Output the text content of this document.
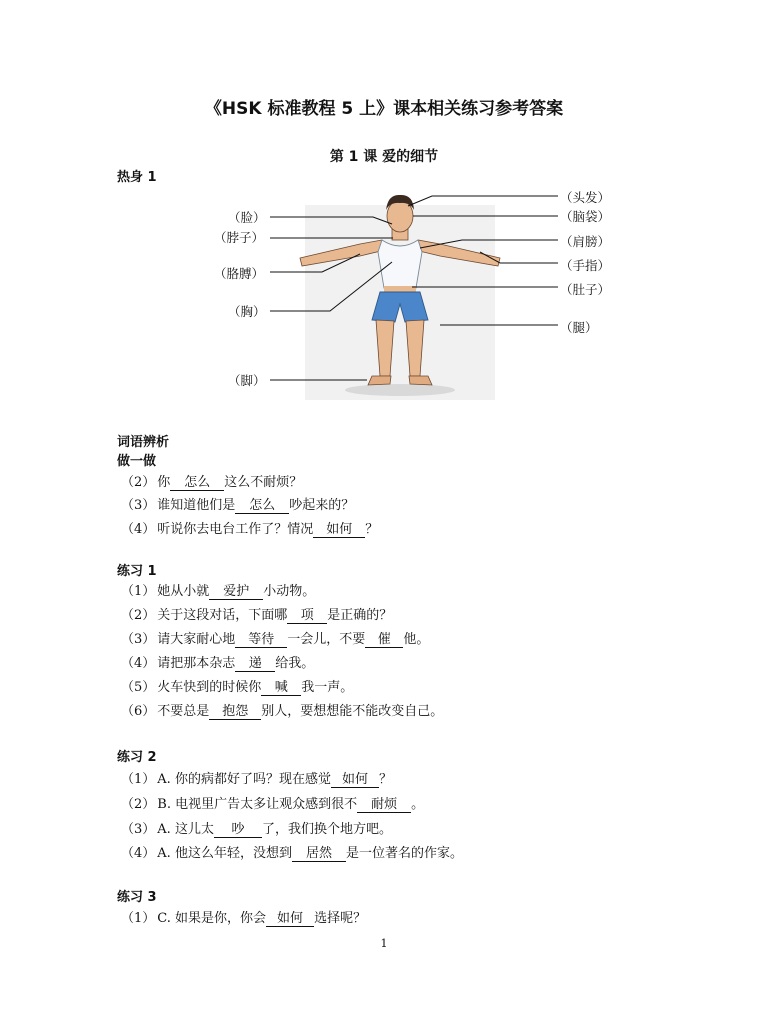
《HSK 标准教程 5 上》课本相关练习参考答案
第 1 课 爱的细节
热身 1
（脸）
（脖子）
（胳膊）
（胸）
（脚）
（头发）
（脑袋）
（肩膀）
（手指）
（肚子）
（腿）
词语辨析
做一做
（2） 你 怎么 这么不耐烦？
（3） 谁知道他们是 怎么 吵起来的？
（4） 听说你去电台工作了？情况 如何 ？
练习 1
（1） 她从小就 爱护 小动物。
（2） 关于这段对话，下面哪 项 是正确的？
（3） 请大家耐心地 等待 一会儿，不要 催 他。
（4） 请把那本杂志 递 给我。
（5） 火车快到的时候你 喊 我一声。
（6） 不要总是 抱怨 别人，要想想能不能改变自己。
练习 2
（1） A. 你的病都好了吗？现在感觉 如何 ？
（2） B. 电视里广告太多让观众感到很不 耐烦 。
（3） A. 这儿太 吵 了，我们换个地方吧。
（4） A. 他这么年轻，没想到 居然 是一位著名的作家。
练习 3
（1） C. 如果是你，你会 如何 选择呢？
1
